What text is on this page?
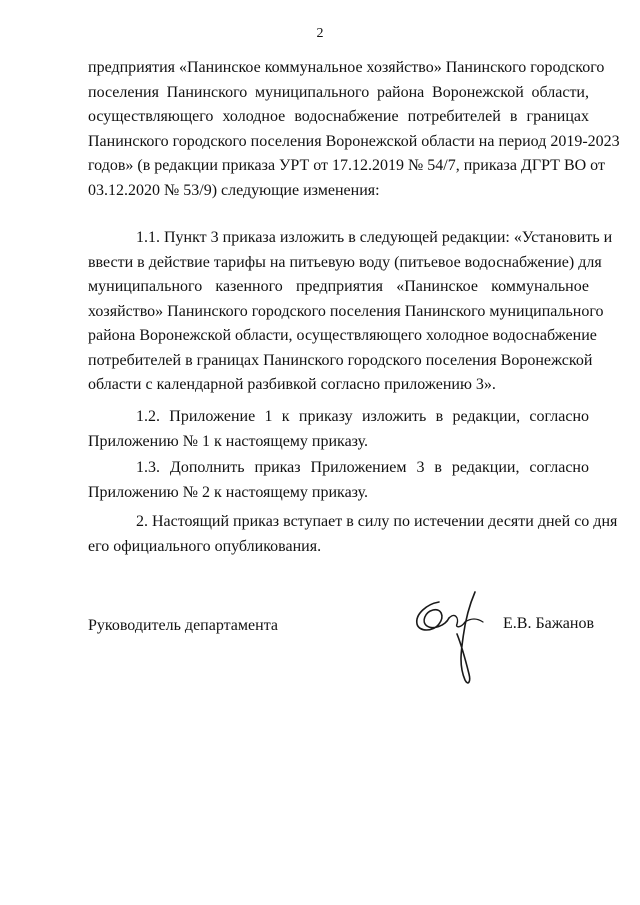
2
предприятия «Панинское коммунальное хозяйство» Панинского городского
поселения Панинского муниципального района Воронежской области,
осуществляющего холодное водоснабжение потребителей в границах
Панинского городского поселения Воронежской области на период 2019-2023
годов» (в редакции приказа УРТ от 17.12.2019 № 54/7, приказа ДГРТ ВО от
03.12.2020 № 53/9) следующие изменения:
1.1. Пункт 3 приказа изложить в следующей редакции: «Установить и
ввести в действие тарифы на питьевую воду (питьевое водоснабжение) для
муниципального казенного предприятия «Панинское коммунальное
хозяйство» Панинского городского поселения Панинского муниципального
района Воронежской области, осуществляющего холодное водоснабжение
потребителей в границах Панинского городского поселения Воронежской
области с календарной разбивкой согласно приложению 3».
1.2. Приложение 1 к приказу изложить в редакции, согласно
Приложению № 1 к настоящему приказу.
1.3. Дополнить приказ Приложением 3 в редакции, согласно
Приложению № 2 к настоящему приказу.
2. Настоящий приказ вступает в силу по истечении десяти дней со дня
его официального опубликования.
Руководитель департамента	Е.В. Бажанов
